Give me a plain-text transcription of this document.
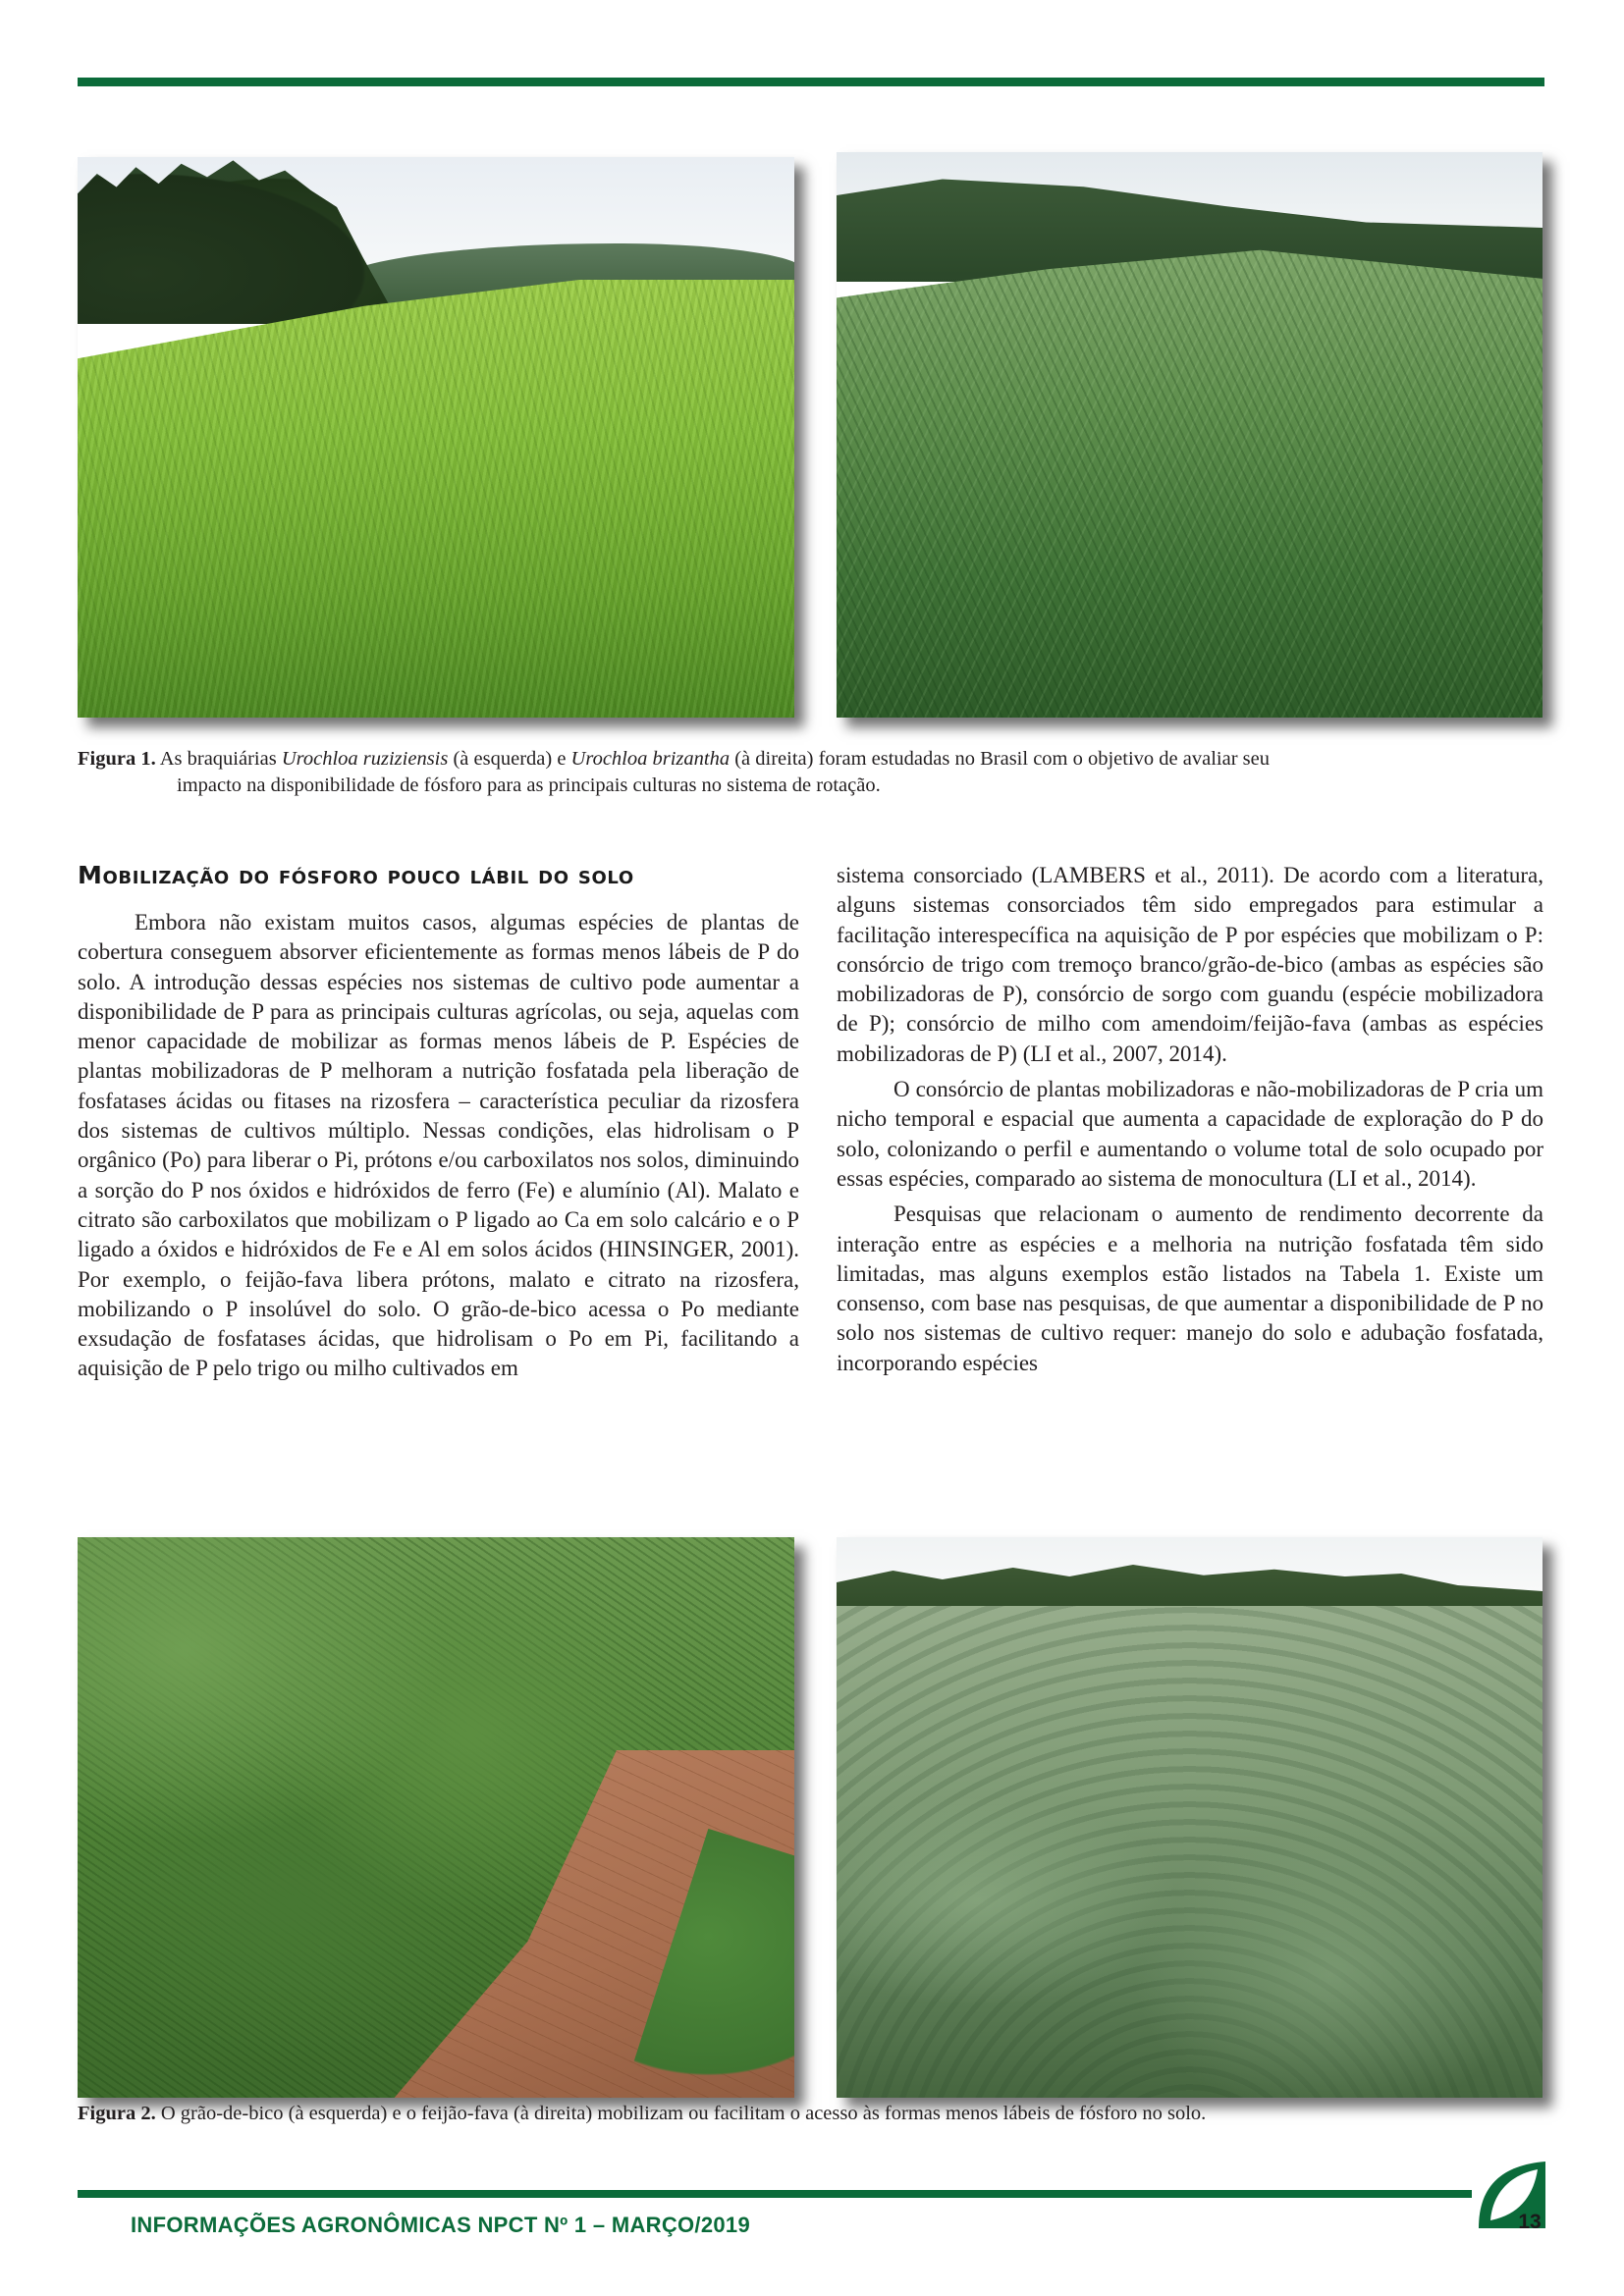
Figura 1. As braquiárias Urochloa ruziziensis (à esquerda) e Urochloa brizantha (à direita) foram estudadas no Brasil com o objetivo de avaliar seu
impacto na disponibilidade de fósforo para as principais culturas no sistema de rotação.
Mobilização do fósforo pouco lábil do solo

Embora não existam muitos casos, algumas espécies de plantas de cobertura conseguem absorver eficientemente as formas menos lábeis de P do solo. A introdução dessas espécies nos sistemas de cultivo pode aumentar a disponibilidade de P para as principais culturas agrícolas, ou seja, aquelas com menor capacidade de mobilizar as formas menos lábeis de P. Espécies de plantas mobilizadoras de P melhoram a nutrição fosfatada pela liberação de fosfatases ácidas ou fitases na rizosfera – característica peculiar da rizosfera dos sistemas de cultivos múltiplo. Nessas condições, elas hidrolisam o P orgânico (Po) para liberar o Pi, prótons e/ou carboxilatos nos solos, diminuindo a sorção do P nos óxidos e hidróxidos de ferro (Fe) e alumínio (Al). Malato e citrato são carboxilatos que mobilizam o P ligado ao Ca em solo calcário e o P ligado a óxidos e hidróxidos de Fe e Al em solos ácidos (HINSINGER, 2001). Por exemplo, o feijão-fava libera prótons, malato e citrato na rizosfera, mobilizando o P insolúvel do solo. O grão-de-bico acessa o Po mediante exsudação de fosfatases ácidas, que hidrolisam o Po em Pi, facilitando a aquisição de P pelo trigo ou milho cultivados em

sistema consorciado (LAMBERS et al., 2011). De acordo com a literatura, alguns sistemas consorciados têm sido empregados para estimular a facilitação interespecífica na aquisição de P por espécies que mobilizam o P: consórcio de trigo com tremoço branco/grão-de-bico (ambas as espécies são mobilizadoras de P), consórcio de sorgo com guandu (espécie mobilizadora de P); consórcio de milho com amendoim/feijão-fava (ambas as espécies mobilizadoras de P) (LI et al., 2007, 2014).

O consórcio de plantas mobilizadoras e não-mobilizadoras de P cria um nicho temporal e espacial que aumenta a capacidade de exploração do P do solo, colonizando o perfil e aumentando o volume total de solo ocupado por essas espécies, comparado ao sistema de monocultura (LI et al., 2014).

Pesquisas que relacionam o aumento de rendimento decorrente da interação entre as espécies e a melhoria na nutrição fosfatada têm sido limitadas, mas alguns exemplos estão listados na Tabela 1. Existe um consenso, com base nas pesquisas, de que aumentar a disponibilidade de P no solo nos sistemas de cultivo requer: manejo do solo e adubação fosfatada, incorporando espécies

Figura 2. O grão-de-bico (à esquerda) e o feijão-fava (à direita) mobilizam ou facilitam o acesso às formas menos lábeis de fósforo no solo.
INFORMAÇÕES AGRONÔMICAS NPCT Nº 1 – MARÇO/2019	13
